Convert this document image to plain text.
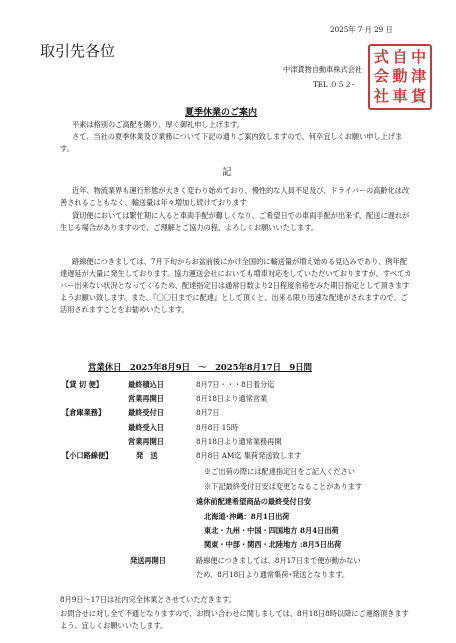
2025年 7 月 29 日
取引先各位
中津貨物自動車株式会社
TEL ０５２-
式 自 中
会 動 津
社 車 貨
夏季休業のご案内
平素は格別のご高配を賜り、厚く御礼申し上げます。
さて、当社の夏季休業及び業務について下記の通りご案内致しますので、何卒宜しくお願い申し上げます。
記
近年、物流業界も運行形態が大きく変わり始めており、慢性的な人員不足及び、ドライバーの高齢化は改善されることもなく、輸送量は年々増加し続けております
貸切便においては繁忙期に入ると車両手配が難しくなり、ご希望日での車両手配が出来ず、配送に遅れが生じる場合がありますので、ご理解とご協力の程、よろしくお願いいたします。
路線便につきましては、7月下旬からお盆前後にかけ全国的に輸送量が増え始める見込みであり、例年配達遅延が大量に発生しております。協力運送会社においても増車対応をしていただいておりますが、すべてカバー出来ない状況となってくるため、配達指定日は通常日数より2日程度余裕をみた期日指定として頂きますようお願い致します。また、『〇〇日までに配達』として頂くと、出来る限り迅速な配達がされますので、ご活用されますことをお勧めいたします。
営業休日　2025年8月9日　～　2025年8月17日　9日間
【貸 切 便】	最終積込日	8月7日・・・8日着分迄
	営業再開日	8月18日より通常営業
【倉庫業務】	最終受付日	8月7日
	最終受入日	8月8日 15時
	営業再開日	8月18日より通常業務再開
【小口路線便】	発　送	8月8日 AM迄 集荷発送致します
※ご出荷の際には配達指定日をご記入ください
※下記最終受付日安は変更となることがあります
遠休前配達希望商品の最終受付日安
北海道･沖縄：8月1日出荷
東北・九州・中国・四国地方 8月4日出荷
関東・中部・関西・北陸地方 :8月5日出荷
発送再開日	路線便につきましては、8月17日まで便が動かない
ため、8月18日より通常集荷･発送となります。
8月9日～17日は社内完全休業とさせていただきます。
お問合せに対し全て不通となりますので、お問い合わせに関しましては、8月18日8時以降にご連絡頂きますよう、宜しくお願いいたします。
